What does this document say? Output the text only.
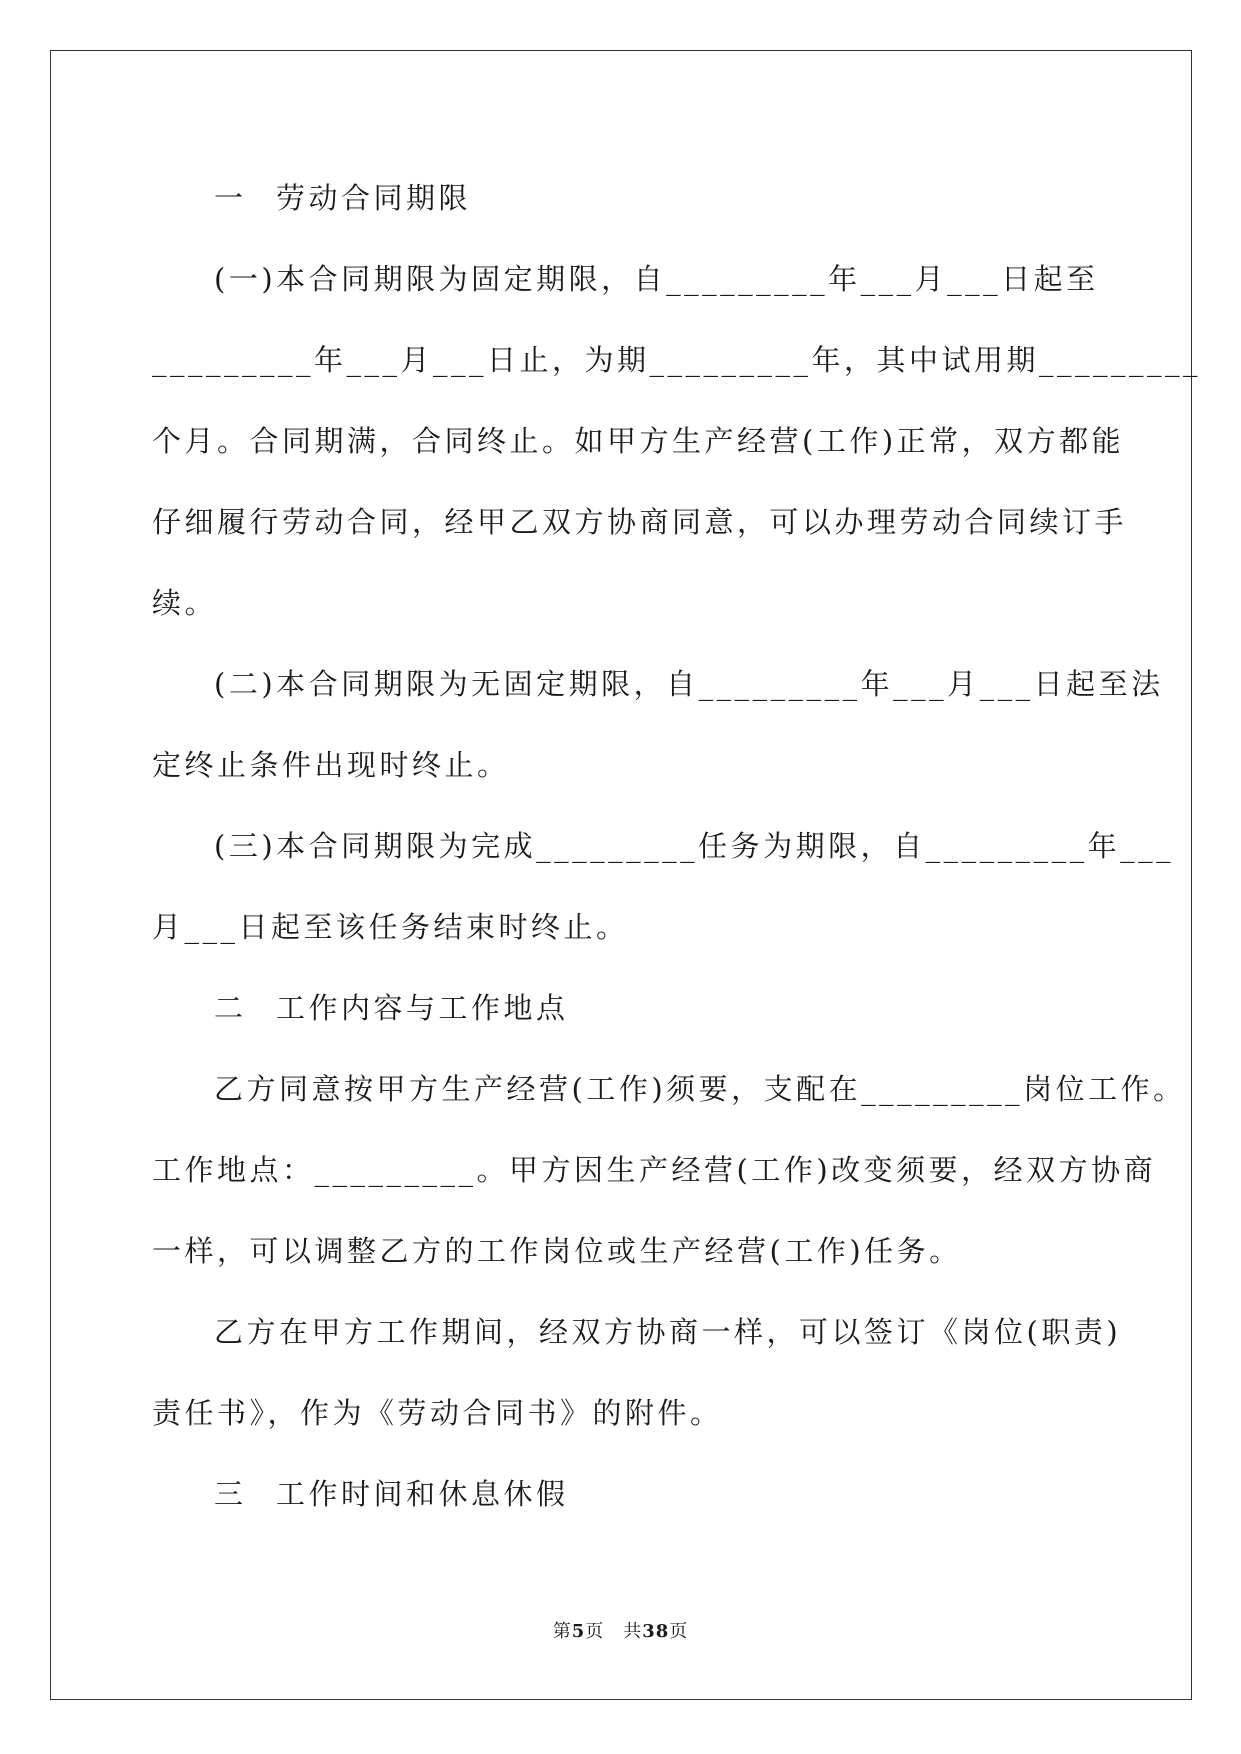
一 劳动合同期限
(一)本合同期限为固定期限，自_________年___月___日起至
_________年___月___日止，为期_________年，其中试用期_________
个月。合同期满，合同终止。如甲方生产经营(工作)正常，双方都能
仔细履行劳动合同，经甲乙双方协商同意，可以办理劳动合同续订手
续。
(二)本合同期限为无固定期限，自_________年___月___日起至法
定终止条件出现时终止。
(三)本合同期限为完成_________任务为期限，自_________年___
月___日起至该任务结束时终止。
二 工作内容与工作地点
乙方同意按甲方生产经营(工作)须要，支配在_________岗位工作。
工作地点：_________。甲方因生产经营(工作)改变须要，经双方协商
一样，可以调整乙方的工作岗位或生产经营(工作)任务。
乙方在甲方工作期间，经双方协商一样，可以签订《岗位(职责)
责任书》，作为《劳动合同书》的附件。
三 工作时间和休息休假
第5页　共38页
